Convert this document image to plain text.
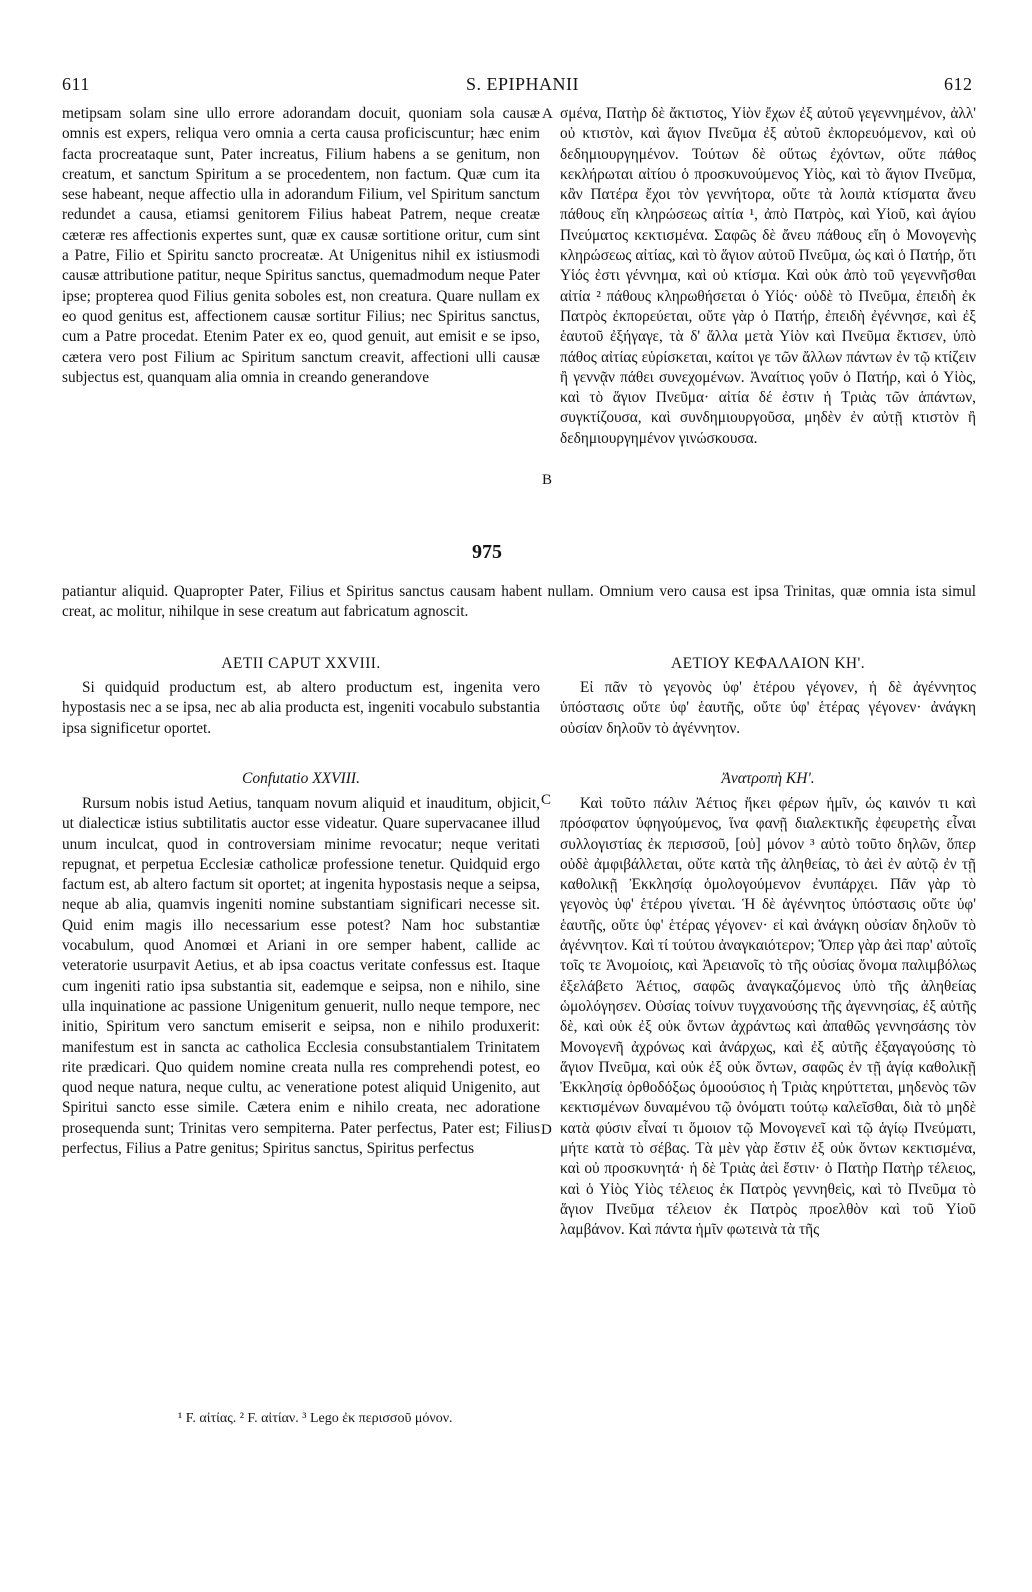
611	S. EPIPHANII	612

metipsam solam sine ullo errore adorandam docuit, quoniam sola causæ omnis est expers, reliqua vero omnia a certa causa proficiscuntur; hæc enim facta procreataque sunt, Pater increatus, Filium habens a se genitum, non creatum, et sanctum Spiritum a se procedentem, non factum. Quæ cum ita sese habeant, neque affectio ulla in adorandum Filium, vel Spiritum sanctum redundet a causa, etiamsi genitorem Filius habeat Patrem, neque creatæ cæteræ res affectionis expertes sunt, quæ ex causæ sortitione oritur, cum sint a Patre, Filio et Spiritu sancto procreatæ. At Unigenitus nihil ex istiusmodi causæ attributione patitur, neque Spiritus sanctus, quemadmodum neque Pater ipse; propterea quod Filius genita soboles est, non creatura. Quare nullam ex eo quod genitus est, affectionem causæ sortitur Filius; nec Spiritus sanctus, cum a Patre procedat. Etenim Pater ex eo, quod genuit, aut emisit e se ipso, cætera vero post Filium ac Spiritum sanctum creavit, affectioni ulli causæ subjectus est, quanquam alia omnia in creando generandove

σμένα, Πατὴρ δὲ ἄκτιστος, Υἱὸν ἔχων ἐξ αὐτοῦ γεγεννημένον, ἀλλ' οὐ κτιστὸν, καὶ ἅγιον Πνεῦμα ἐξ αὐτοῦ ἐκπορευόμενον, καὶ οὐ δεδημιουργημένον. Τούτων δὲ οὕτως ἐχόντων, οὔτε πάθος κεκλήρωται αἰτίου ὁ προσκυνούμενος Υἱὸς, καὶ τὸ ἅγιον Πνεῦμα, κἂν Πατέρα ἔχοι τὸν γεννήτορα, οὔτε τὰ λοιπὰ κτίσματα ἄνευ πάθους εἴη κληρώσεως αἰτία ¹, ἀπὸ Πατρὸς, καὶ Υἱοῦ, καὶ ἁγίου Πνεύματος κεκτισμένα. Σαφῶς δὲ ἄνευ πάθους εἴη ὁ Μονογενὴς κληρώσεως αἰτίας, καὶ τὸ ἅγιον αὐτοῦ Πνεῦμα, ὡς καὶ ὁ Πατήρ, ὅτι Υἱός ἐστι γέννημα, καὶ οὐ κτίσμα. Καὶ οὐκ ἀπὸ τοῦ γεγεννῆσθαι αἰτία ² πάθους κληρωθήσεται ὁ Υἱός· οὐδὲ τὸ Πνεῦμα, ἐπειδὴ ἐκ Πατρὸς ἐκπορεύεται, οὔτε γὰρ ὁ Πατήρ, ἐπειδὴ ἐγέννησε, καὶ ἐξ ἑαυτοῦ ἐξήγαγε, τὰ δ' ἄλλα μετὰ Υἱὸν καὶ Πνεῦμα ἔκτισεν, ὑπὸ πάθος αἰτίας εὑρίσκεται, καίτοι γε τῶν ἄλλων πάντων ἐν τῷ κτίζειν ἢ γεννᾷν πάθει συνεχομένων. Ἀναίτιος γοῦν ὁ Πατήρ, καὶ ὁ Υἱὸς, καὶ τὸ ἅγιον Πνεῦμα· αἰτία δέ ἐστιν ἡ Τριὰς τῶν ἁπάντων, συγκτίζουσα, καὶ συνδημιουργοῦσα, μηδὲν ἐν αὐτῇ κτιστὸν ἢ δεδημιουργημένον γινώσκουσα.

A
B
C
D
975
patiantur aliquid. Quapropter Pater, Filius et Spiritus sanctus causam habent nullam. Omnium vero causa est ipsa Trinitas, quæ omnia ista simul creat, ac molitur, nihilque in sese creatum aut fabricatum agnoscit.
AETII CAPUT XXVIII.

Si quidquid productum est, ab altero productum est, ingenita vero hypostasis nec a se ipsa, nec ab alia producta est, ingeniti vocabulo substantia ipsa significetur oportet.

Confutatio XXVIII.

Rursum nobis istud Aetius, tanquam novum aliquid et inauditum, objicit, ut dialecticæ istius subtilitatis auctor esse videatur. Quare supervacanee illud unum inculcat, quod in controversiam minime revocatur; neque veritati repugnat, et perpetua Ecclesiæ catholicæ professione tenetur. Quidquid ergo factum est, ab altero factum sit oportet; at ingenita hypostasis neque a seipsa, neque ab alia, quamvis ingeniti nomine substantiam significari necesse sit. Quid enim magis illo necessarium esse potest? Nam hoc substantiæ vocabulum, quod Anomœi et Ariani in ore semper habent, callide ac veteratorie usurpavit Aetius, et ab ipsa coactus veritate confessus est. Itaque cum ingeniti ratio ipsa substantia sit, eademque e seipsa, non e nihilo, sine ulla inquinatione ac passione Unigenitum genuerit, nullo neque tempore, nec initio, Spiritum vero sanctum emiserit e seipsa, non e nihilo produxerit: manifestum est in sancta ac catholica Ecclesia consubstantialem Trinitatem rite prædicari. Quo quidem nomine creata nulla res comprehendi potest, eo quod neque natura, neque cultu, ac veneratione potest aliquid Unigenito, aut Spiritui sancto esse simile. Cætera enim e nihilo creata, nec adoratione prosequenda sunt; Trinitas vero sempiterna. Pater perfectus, Pater est; Filius perfectus, Filius a Patre genitus; Spiritus sanctus, Spiritus perfectus

ΑΕΤΙΟΥ ΚΕΦΑΛΑΙΟΝ ΚΗ'.

Εἰ πᾶν τὸ γεγονὸς ὑφ' ἑτέρου γέγονεν, ἡ δὲ ἀγέννητος ὑπόστασις οὔτε ὑφ' ἑαυτῆς, οὔτε ὑφ' ἑτέρας γέγονεν· ἀνάγκη οὐσίαν δηλοῦν τὸ ἀγέννητον.

Ἀνατροπὴ ΚΗ'.

Καὶ τοῦτο πάλιν Ἀέτιος ἥκει φέρων ἡμῖν, ὡς καινόν τι καὶ πρόσφατον ὑφηγούμενος, ἵνα φανῇ διαλεκτικῆς ἐφευρετὴς εἶναι συλλογιστίας ἐκ περισσοῦ, [οὐ] μόνον ³ αὐτὸ τοῦτο δηλῶν, ὅπερ οὐδὲ ἀμφιβάλλεται, οὔτε κατὰ τῆς ἀληθείας, τὸ ἀεὶ ἐν αὐτῷ ἐν τῇ καθολικῇ Ἐκκλησίᾳ ὁμολογούμενον ἐνυπάρχει. Πᾶν γὰρ τὸ γεγονὸς ὑφ' ἑτέρου γίνεται. Ἡ δὲ ἀγέννητος ὑπόστασις οὔτε ὑφ' ἑαυτῆς, οὔτε ὑφ' ἑτέρας γέγονεν· εἰ καὶ ἀνάγκη οὐσίαν δηλοῦν τὸ ἀγέννητον. Καὶ τί τούτου ἀναγκαιότερον; Ὅπερ γὰρ ἀεὶ παρ' αὐτοῖς τοῖς τε Ἀνομοίοις, καὶ Ἀρειανοῖς τὸ τῆς οὐσίας ὄνομα παλιμβόλως ἐξελάβετο Ἀέτιος, σαφῶς ἀναγκαζόμενος ὑπὸ τῆς ἀληθείας ὡμολόγησεν. Οὐσίας τοίνυν τυγχανούσης τῆς ἀγεννησίας, ἐξ αὐτῆς δὲ, καὶ οὐκ ἐξ οὐκ ὄντων ἀχράντως καὶ ἀπαθῶς γεννησάσης τὸν Μονογενῆ ἀχρόνως καὶ ἀνάρχως, καὶ ἐξ αὐτῆς ἐξαγαγούσης τὸ ἅγιον Πνεῦμα, καὶ οὐκ ἐξ οὐκ ὄντων, σαφῶς ἐν τῇ ἁγίᾳ καθολικῇ Ἐκκλησίᾳ ὀρθοδόξως ὁμοούσιος ἡ Τριὰς κηρύττεται, μηδενὸς τῶν κεκτισμένων δυναμένου τῷ ὀνόματι τούτῳ καλεῖσθαι, διὰ τὸ μηδὲ κατὰ φύσιν εἶναί τι ὅμοιον τῷ Μονογενεῖ καὶ τῷ ἁγίῳ Πνεύματι, μήτε κατὰ τὸ σέβας. Τὰ μὲν γὰρ ἔστιν ἐξ οὐκ ὄντων κεκτισμένα, καὶ οὐ προσκυνητά· ἡ δὲ Τριὰς ἀεὶ ἔστιν· ὁ Πατὴρ Πατὴρ τέλειος, καὶ ὁ Υἱὸς Υἱὸς τέλειος ἐκ Πατρὸς γεννηθεὶς, καὶ τὸ Πνεῦμα τὸ ἅγιον Πνεῦμα τέλειον ἐκ Πατρὸς προελθὸν καὶ τοῦ Υἱοῦ λαμβάνον. Καὶ πάντα ἡμῖν φωτεινὰ τὰ τῆς

¹ F. αἰτίας. ² F. αἰτίαν. ³ Lego ἐκ περισσοῦ μόνον.
